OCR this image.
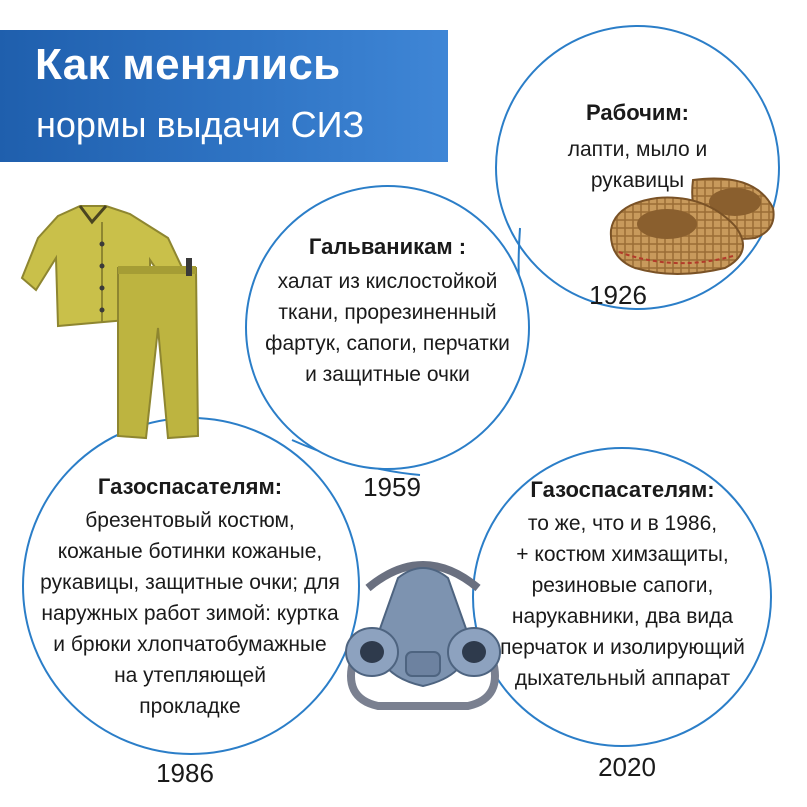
Как менялись
нормы выдачи СИЗ	Рабочим:
лапти, мыло и
рукавицы
1926
Гальваникам :
халат из кислостойкой
ткани, прорезиненный
фартук, сапоги, перчатки
и защитные очки
1959
Газоспасателям:
брезентовый костюм,
кожаные ботинки кожаные,
рукавицы, защитные очки; для
наружных работ зимой: куртка
и брюки хлопчатобумажные
на утепляющей
прокладке
1986
Газоспасателям:
то же, что и в 1986,
+ костюм химзащиты,
резиновые сапоги,
нарукавники, два вида
перчаток и изолирующий
дыхательный аппарат
2020
